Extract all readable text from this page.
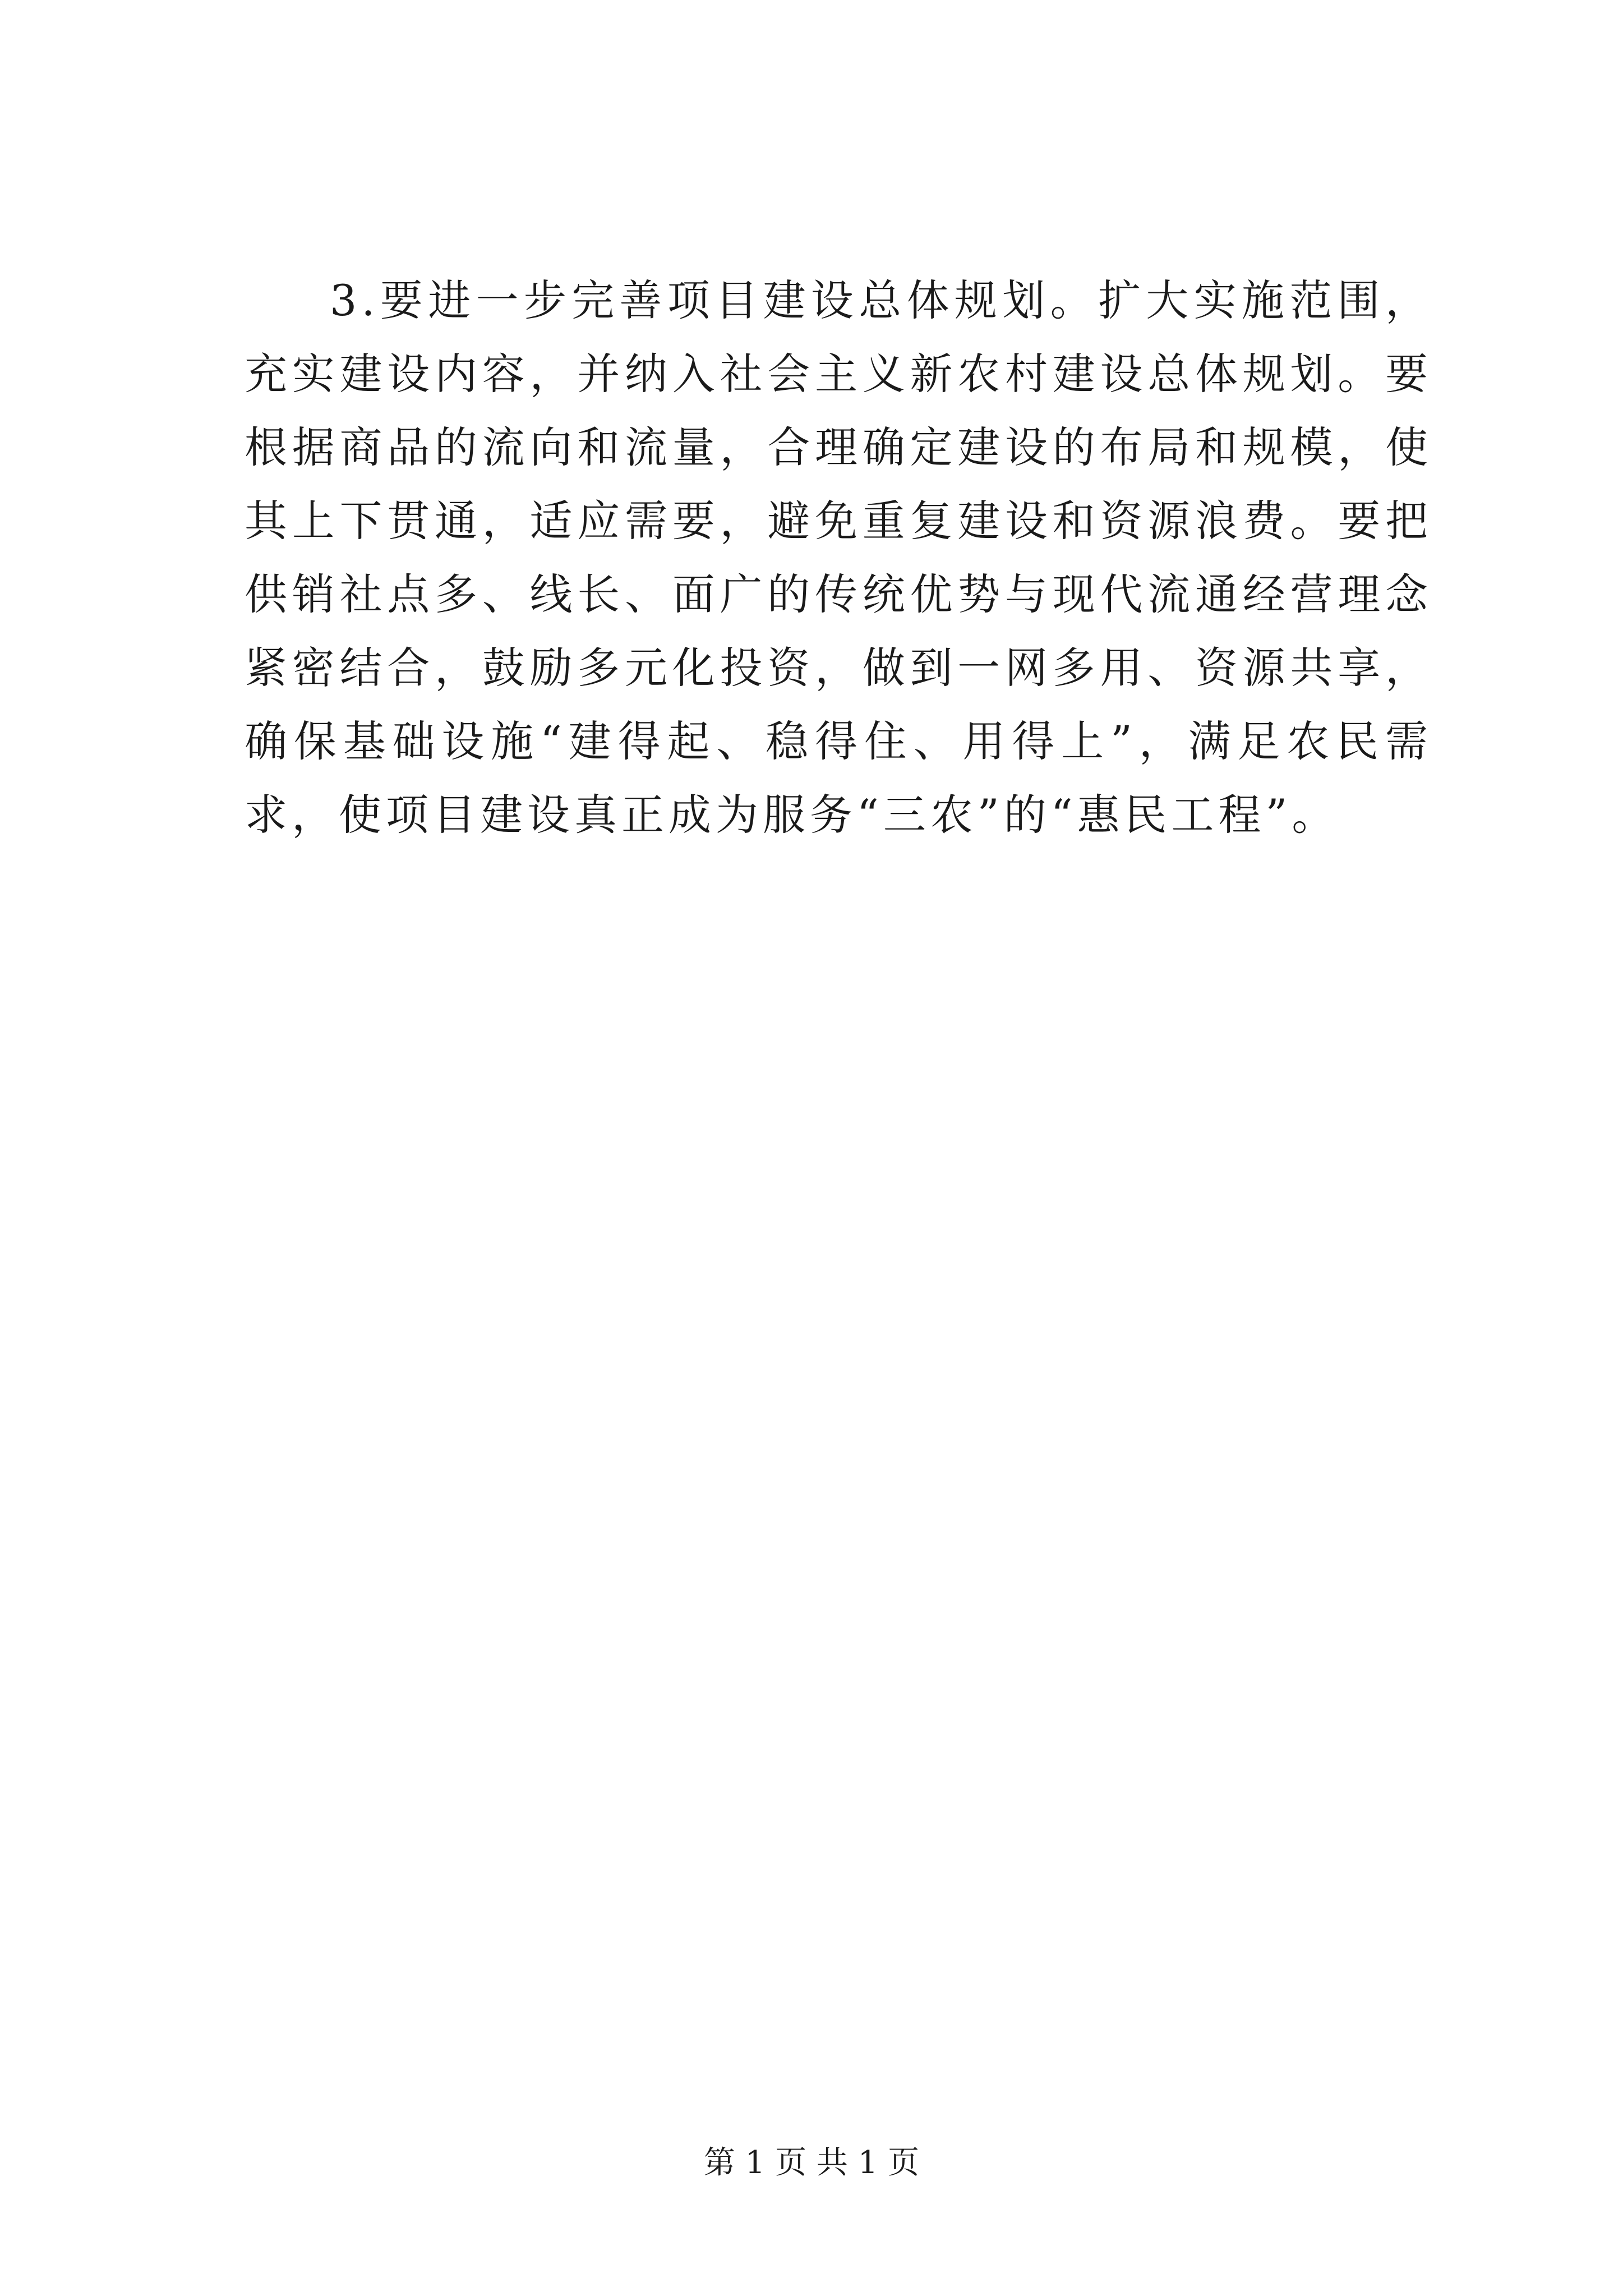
3.要进一步完善项目建设总体规划。扩大实施范围，充实建设内容，并纳入社会主义新农村建设总体规划。要根据商品的流向和流量，合理确定建设的布局和规模，使其上下贯通，适应需要，避免重复建设和资源浪费。要把供销社点多、线长、面广的传统优势与现代流通经营理念紧密结合，鼓励多元化投资，做到一网多用、资源共享，确保基础设施“建得起、稳得住、用得上”，满足农民需求，使项目建设真正成为服务“三农”的“惠民工程”。

第 1 页 共 1 页
